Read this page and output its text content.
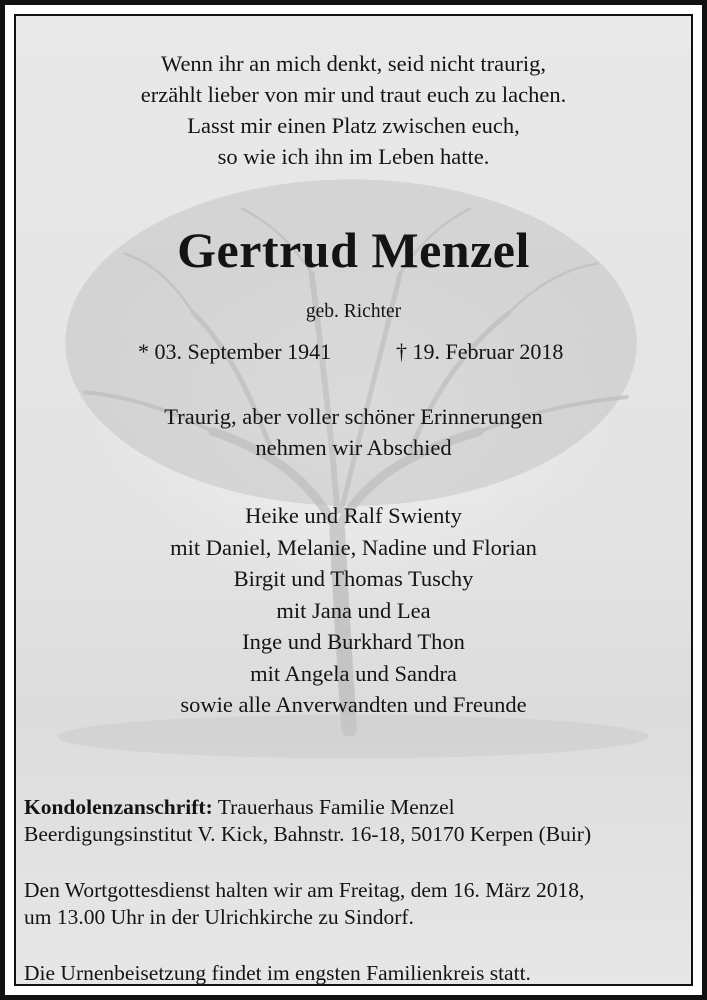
Wenn ihr an mich denkt, seid nicht traurig,
erzählt lieber von mir und traut euch zu lachen.
Lasst mir einen Platz zwischen euch,
so wie ich ihn im Leben hatte.
Gertrud Menzel
geb. Richter
* 03. September 1941	† 19. Februar 2018
Traurig, aber voller schöner Erinnerungen
nehmen wir Abschied
Heike und Ralf Swienty
mit Daniel, Melanie, Nadine und Florian
Birgit und Thomas Tuschy
mit Jana und Lea
Inge und Burkhard Thon
mit Angela und Sandra
sowie alle Anverwandten und Freunde
Kondolenzanschrift: Trauerhaus Familie Menzel
Beerdigungsinstitut V. Kick, Bahnstr. 16-18, 50170 Kerpen (Buir)
Den Wortgottesdienst halten wir am Freitag, dem 16. März 2018,
um 13.00 Uhr in der Ulrichkirche zu Sindorf.
Die Urnenbeisetzung findet im engsten Familienkreis statt.
